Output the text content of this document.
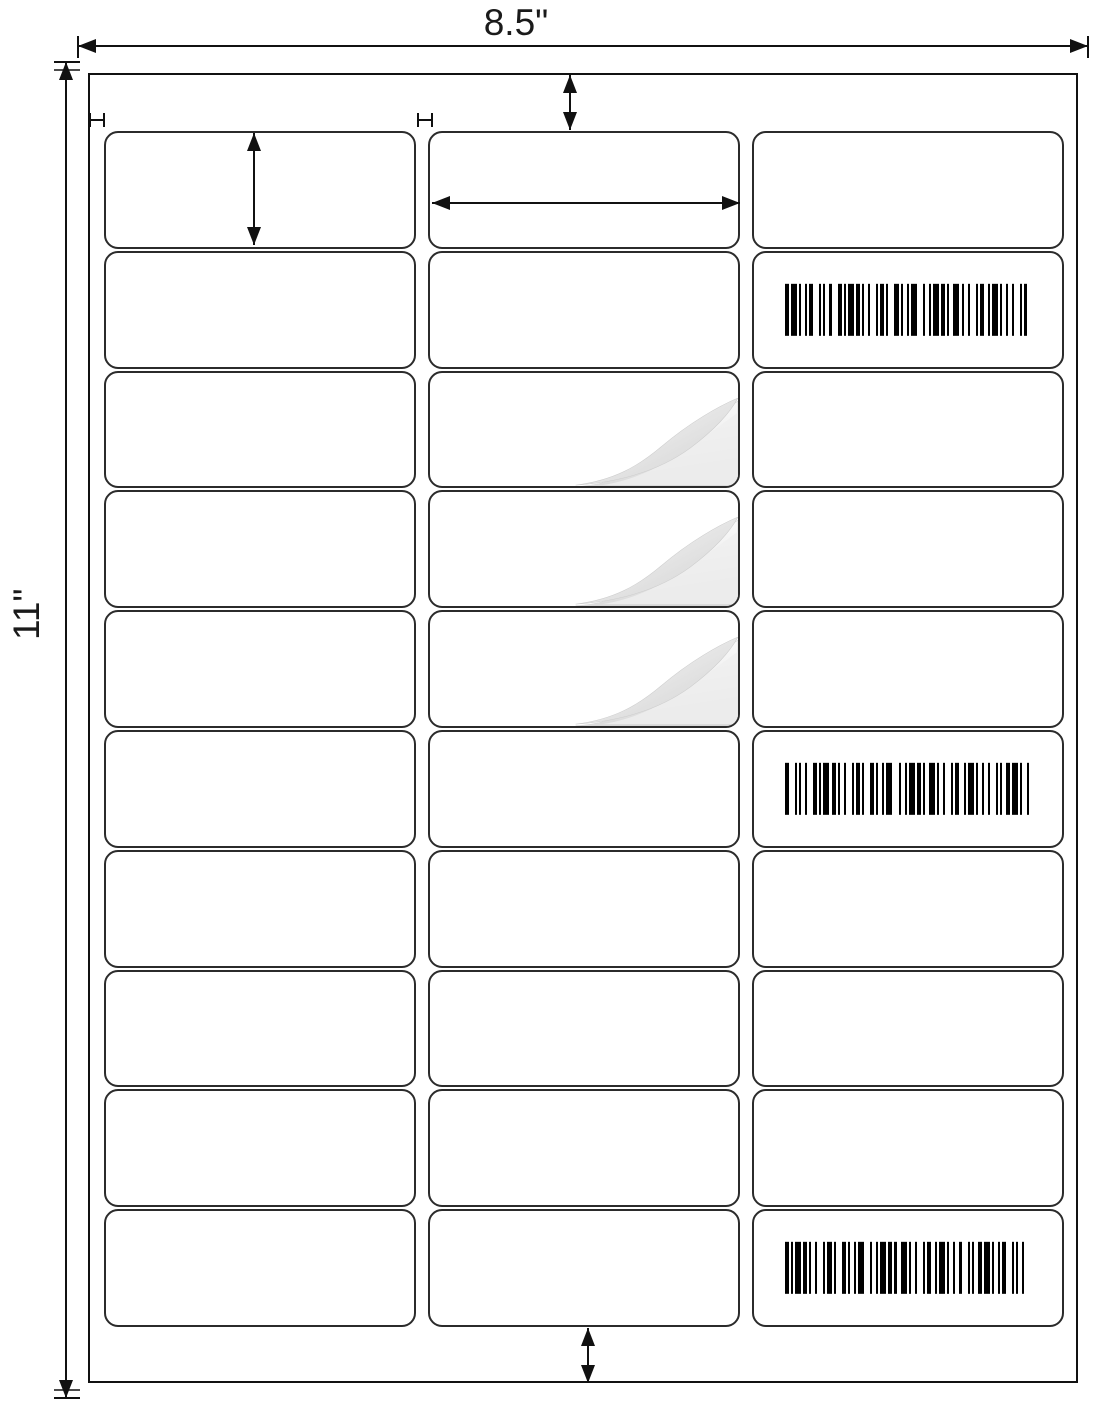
8.5"
11"
